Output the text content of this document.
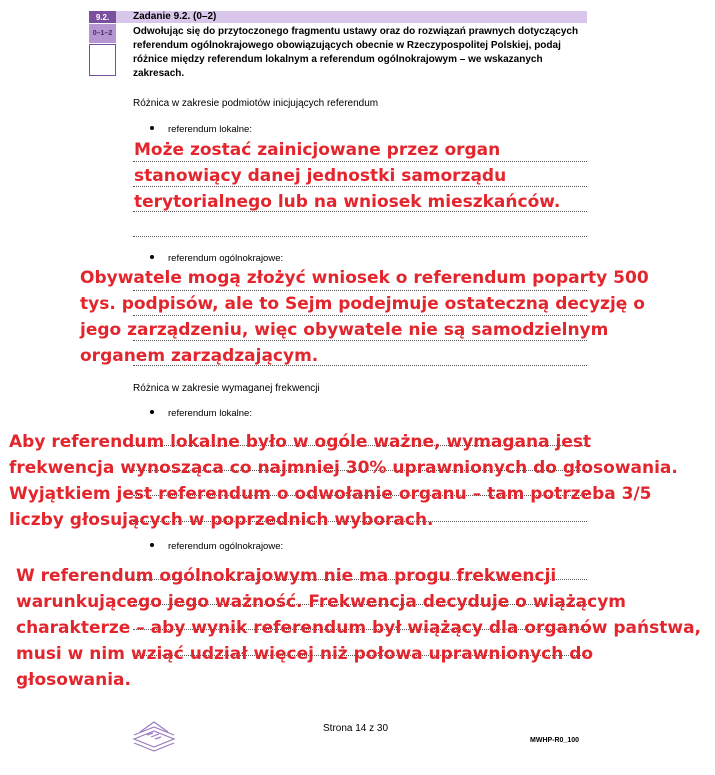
9.2.
0–1–2
Zadanie 9.2. (0–2)
Odwołując się do przytoczonego fragmentu ustawy oraz do rozwiązań prawnych dotyczących referendum ogólnokrajowego obowiązujących obecnie w Rzeczypospolitej Polskiej, podaj różnice między referendum lokalnym a referendum ogólnokrajowym – we wskazanych zakresach.
Różnica w zakresie podmiotów inicjujących referendum
referendum lokalne:
Może zostać zainicjowane przez organ stanowiący danej jednostki samorządu terytorialnego lub na wniosek mieszkańców.
referendum ogólnokrajowe:
Obywatele mogą złożyć wniosek o referendum poparty 500 tys. podpisów, ale to Sejm podejmuje ostateczną decyzję o jego zarządzeniu, więc obywatele nie są samodzielnym organem zarządzającym.
Różnica w zakresie wymaganej frekwencji
referendum lokalne:
Aby referendum lokalne było w ogóle ważne, wymagana jest frekwencja wynosząca co najmniej 30% uprawnionych do głosowania. Wyjątkiem jest referendum o odwołanie organu – tam potrzeba 3/5 liczby głosujących w poprzednich wyborach.
referendum ogólnokrajowe:
W referendum ogólnokrajowym nie ma progu frekwencji warunkującego jego ważność. Frekwencja decyduje o wiążącym charakterze – aby wynik referendum był wiążący dla organów państwa, musi w nim wziąć udział więcej niż połowa uprawnionych do głosowania.
Strona 14 z 30
MWHP-R0_100
